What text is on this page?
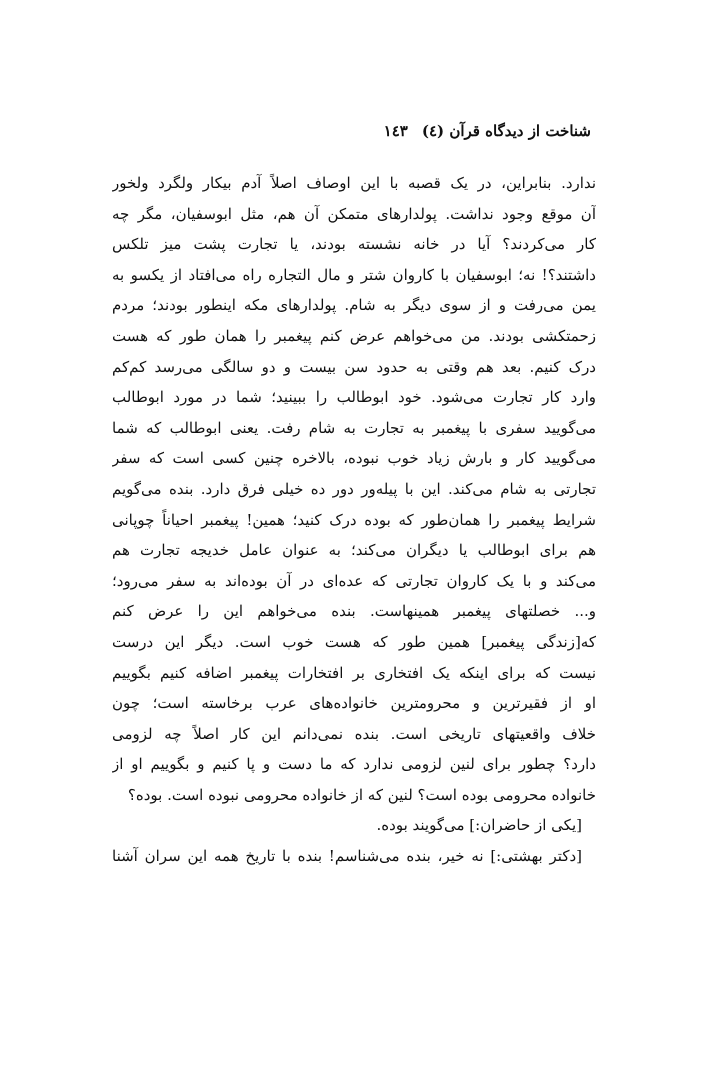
شناخت از دیدگاه قرآن (٤)
١٤٣
ندارد. بنابراین، در یک قصبه با این اوصاف اصلاً آدم بیکار ولگرد ولخور
آن موقع وجود نداشت. پولدارهای متمکن آن هم، مثل ابوسفیان، مگر چه
کار می‌کردند؟ آیا در خانه نشسته بودند، یا تجارت پشت میز تلکس
داشتند؟! نه؛ ابوسفیان با کاروان شتر و مال التجاره راه می‌افتاد از یکسو به
یمن می‌رفت و از سوی دیگر به شام. پولدارهای مکه اینطور بودند؛ مردم
زحمتکشی بودند. من می‌خواهم عرض کنم پیغمبر را همان طور که هست
درک کنیم. بعد هم وقتی به حدود سن بیست و دو سالگی می‌رسد کم‌کم
وارد کار تجارت می‌شود. خود ابوطالب را ببینید؛ شما در مورد ابوطالب
می‌گویید سفری با پیغمبر به تجارت به شام رفت. یعنی ابوطالب که شما
می‌گویید کار و بارش زیاد خوب نبوده، بالاخره چنین کسی است که سفر
تجارتی به شام می‌کند. این با پیله‌ور دور ده خیلی فرق دارد. بنده می‌گویم
شرایط پیغمبر را همان‌طور که بوده درک کنید؛ همین! پیغمبر احیاناً چوپانی
هم برای ابوطالب یا دیگران می‌کند؛ به عنوان عامل خدیجه تجارت هم
می‌کند و با یک کاروان تجارتی که عده‌ای در آن بوده‌اند به سفر می‌رود؛
و... خصلتهای پیغمبر همینهاست. بنده می‌خواهم این را عرض کنم
که[زندگی پیغمبر] همین طور که هست خوب است. دیگر این درست
نیست که برای اینکه یک افتخاری بر افتخارات پیغمبر اضافه کنیم بگوییم
او از فقیرترین و محرومترین خانواده‌های عرب برخاسته است؛ چون
خلاف واقعیتهای تاریخی است. بنده نمی‌دانم این کار اصلاً چه لزومی
دارد؟ چطور برای لنین لزومی ندارد که ما دست و پا کنیم و بگوییم او از
خانواده محرومی بوده است؟ لنین که از خانواده محرومی نبوده است. بوده؟
[یکی از حاضران:] می‌گویند بوده.
[دکتر بهشتی:] نه خیر، بنده می‌شناسم! بنده با تاریخ همه این سران آشنا
